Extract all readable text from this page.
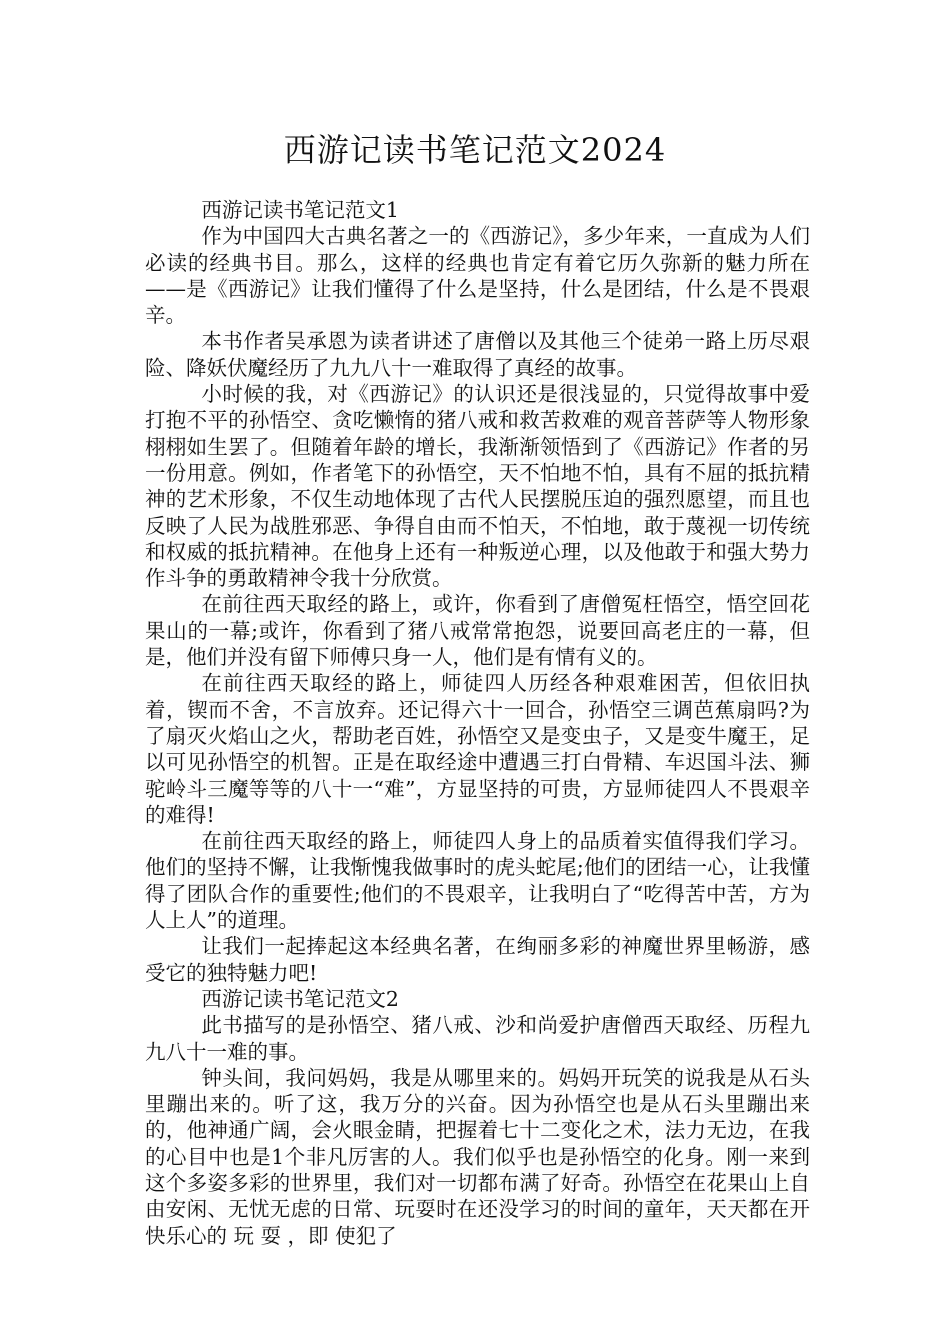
西游记读书笔记范文2024

西游记读书笔记范文1

作为中国四大古典名著之一的《西游记》，多少年来，一直成为人们必读的经典书目。那么，这样的经典也肯定有着它历久弥新的魅力所在——是《西游记》让我们懂得了什么是坚持，什么是团结，什么是不畏艰辛。

本书作者吴承恩为读者讲述了唐僧以及其他三个徒弟一路上历尽艰险、降妖伏魔经历了九九八十一难取得了真经的故事。

小时候的我，对《西游记》的认识还是很浅显的，只觉得故事中爱打抱不平的孙悟空、贪吃懒惰的猪八戒和救苦救难的观音菩萨等人物形象栩栩如生罢了。但随着年龄的增长，我渐渐领悟到了《西游记》作者的另一份用意。例如，作者笔下的孙悟空，天不怕地不怕，具有不屈的抵抗精神的艺术形象，不仅生动地体现了古代人民摆脱压迫的强烈愿望，而且也反映了人民为战胜邪恶、争得自由而不怕天，不怕地，敢于蔑视一切传统和权威的抵抗精神。在他身上还有一种叛逆心理，以及他敢于和强大势力作斗争的勇敢精神令我十分欣赏。

在前往西天取经的路上，或许，你看到了唐僧冤枉悟空，悟空回花果山的一幕;或许，你看到了猪八戒常常抱怨，说要回高老庄的一幕，但是，他们并没有留下师傅只身一人，他们是有情有义的。

在前往西天取经的路上，师徒四人历经各种艰难困苦，但依旧执着，锲而不舍，不言放弃。还记得六十一回合，孙悟空三调芭蕉扇吗?为了扇灭火焰山之火，帮助老百姓，孙悟空又是变虫子，又是变牛魔王，足以可见孙悟空的机智。正是在取经途中遭遇三打白骨精、车迟国斗法、狮驼岭斗三魔等等的八十一“难”，方显坚持的可贵，方显师徒四人不畏艰辛的难得!

在前往西天取经的路上，师徒四人身上的品质着实值得我们学习。他们的坚持不懈，让我惭愧我做事时的虎头蛇尾;他们的团结一心，让我懂得了团队合作的重要性;他们的不畏艰辛，让我明白了“吃得苦中苦，方为人上人”的道理。

让我们一起捧起这本经典名著，在绚丽多彩的神魔世界里畅游，感受它的独特魅力吧!

西游记读书笔记范文2

此书描写的是孙悟空、猪八戒、沙和尚爱护唐僧西天取经、历程九九八十一难的事。

钟头间，我问妈妈，我是从哪里来的。妈妈开玩笑的说我是从石头里蹦出来的。听了这，我万分的兴奋。因为孙悟空也是从石头里蹦出来的，他神通广阔，会火眼金睛，把握着七十二变化之术，法力无边，在我的心目中也是1个非凡厉害的人。我们似乎也是孙悟空的化身。刚一来到这个多姿多彩的世界里，我们对一切都布满了好奇。孙悟空在花果山上自由安闲、无忧无虑的日常、玩耍时在还没学习的时间的童年，天天都在开快乐心的 玩 耍 ，即 使犯了
